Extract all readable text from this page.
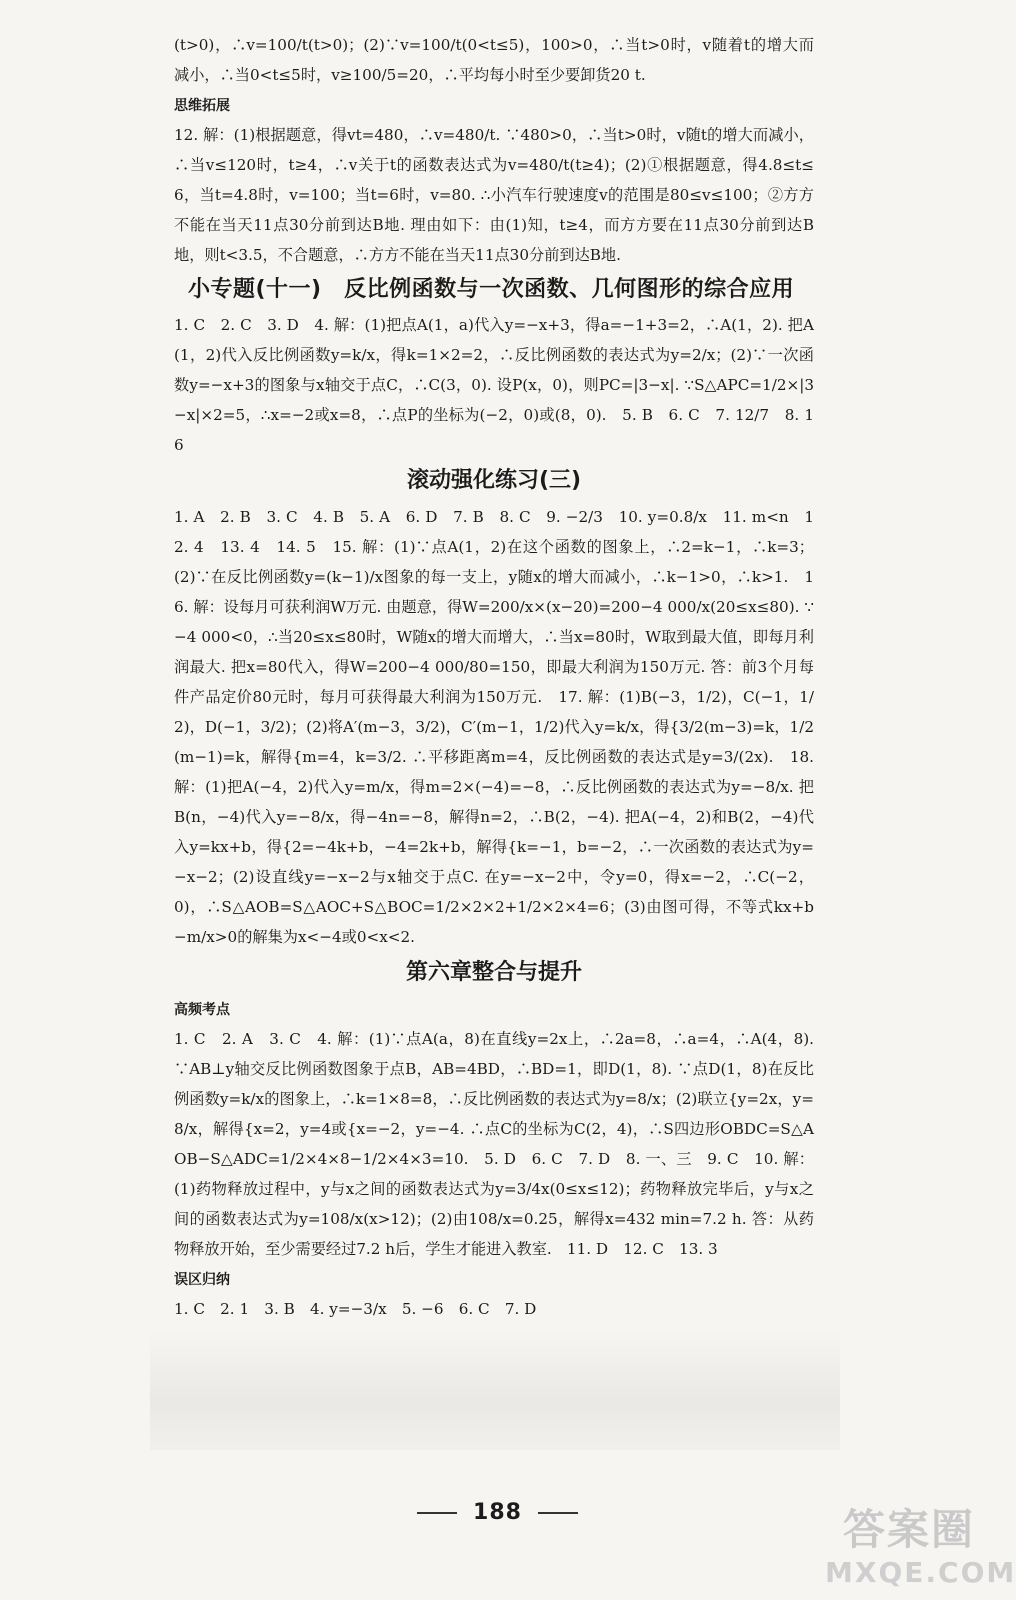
(t>0)，∴v=100/t(t>0)；(2)∵v=100/t(0<t≤5)，100>0，∴当t>0时，v随着t的增大而减小，∴当0<t≤5时，v≥100/5=20，∴平均每小时至少要卸货20 t.

思维拓展

12. 解：(1)根据题意，得vt=480，∴v=480/t. ∵480>0，∴当t>0时，v随t的增大而减小，∴当v≤120时，t≥4，∴v关于t的函数表达式为v=480/t(t≥4)；(2)①根据题意，得4.8≤t≤6，当t=4.8时，v=100；当t=6时，v=80. ∴小汽车行驶速度v的范围是80≤v≤100；②方方不能在当天11点30分前到达B地. 理由如下：由(1)知，t≥4，而方方要在11点30分前到达B地，则t<3.5，不合题意，∴方方不能在当天11点30分前到达B地.

小专题(十一)　反比例函数与一次函数、几何图形的综合应用

1. C　2. C　3. D　4. 解：(1)把点A(1，a)代入y=−x+3，得a=−1+3=2，∴A(1，2). 把A(1，2)代入反比例函数y=k/x，得k=1×2=2，∴反比例函数的表达式为y=2/x；(2)∵一次函数y=−x+3的图象与x轴交于点C，∴C(3，0). 设P(x，0)，则PC=|3−x|. ∵S△APC=1/2×|3−x|×2=5，∴x=−2或x=8，∴点P的坐标为(−2，0)或(8，0).　5. B　6. C　7. 12/7　8. 16

滚动强化练习(三)

1. A　2. B　3. C　4. B　5. A　6. D　7. B　8. C　9. −2/3　10. y=0.8/x　11. m<n　12. 4　13. 4　14. 5　15. 解：(1)∵点A(1，2)在这个函数的图象上，∴2=k−1，∴k=3；(2)∵在反比例函数y=(k−1)/x图象的每一支上，y随x的增大而减小，∴k−1>0，∴k>1.　16. 解：设每月可获利润W万元. 由题意，得W=200/x×(x−20)=200−4 000/x(20≤x≤80). ∵−4 000<0，∴当20≤x≤80时，W随x的增大而增大，∴当x=80时，W取到最大值，即每月利润最大. 把x=80代入，得W=200−4 000/80=150，即最大利润为150万元. 答：前3个月每件产品定价80元时，每月可获得最大利润为150万元.　17. 解：(1)B(−3，1/2)，C(−1，1/2)，D(−1，3/2)；(2)将A′(m−3，3/2)，C′(m−1，1/2)代入y=k/x，得{3/2(m−3)=k，1/2(m−1)=k，解得{m=4，k=3/2. ∴平移距离m=4，反比例函数的表达式是y=3/(2x).　18. 解：(1)把A(−4，2)代入y=m/x，得m=2×(−4)=−8，∴反比例函数的表达式为y=−8/x. 把B(n，−4)代入y=−8/x，得−4n=−8，解得n=2，∴B(2，−4). 把A(−4，2)和B(2，−4)代入y=kx+b，得{2=−4k+b，−4=2k+b，解得{k=−1，b=−2，∴一次函数的表达式为y=−x−2；(2)设直线y=−x−2与x轴交于点C. 在y=−x−2中，令y=0，得x=−2，∴C(−2，0)，∴S△AOB=S△AOC+S△BOC=1/2×2×2+1/2×2×4=6；(3)由图可得，不等式kx+b−m/x>0的解集为x<−4或0<x<2.

第六章整合与提升

高频考点

1. C　2. A　3. C　4. 解：(1)∵点A(a，8)在直线y=2x上，∴2a=8，∴a=4，∴A(4，8). ∵AB⊥y轴交反比例函数图象于点B，AB=4BD，∴BD=1，即D(1，8). ∵点D(1，8)在反比例函数y=k/x的图象上，∴k=1×8=8，∴反比例函数的表达式为y=8/x；(2)联立{y=2x，y=8/x，解得{x=2，y=4或{x=−2，y=−4. ∴点C的坐标为C(2，4)，∴S四边形OBDC=S△AOB−S△ADC=1/2×4×8−1/2×4×3=10.　5. D　6. C　7. D　8. 一、三　9. C　10. 解：(1)药物释放过程中，y与x之间的函数表达式为y=3/4x(0≤x≤12)；药物释放完毕后，y与x之间的函数表达式为y=108/x(x>12)；(2)由108/x=0.25，解得x=432 min=7.2 h. 答：从药物释放开始，至少需要经过7.2 h后，学生才能进入教室.　11. D　12. C　13. 3

误区归纳

1. C　2. 1　3. B　4. y=−3/x　5. −6　6. C　7. D

188	答案圈
MXQE.COM
